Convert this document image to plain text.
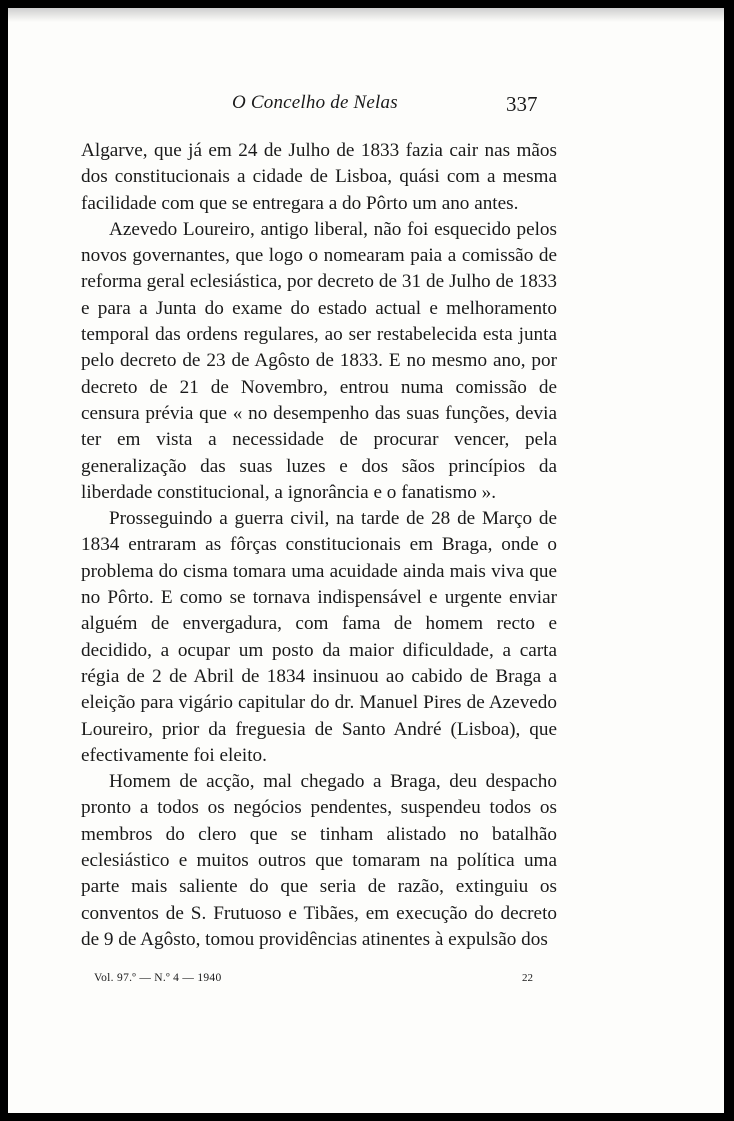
O Concelho de Nelas	337

Algarve, que já em 24 de Julho de 1833 fazia cair nas mãos dos constitucionais a cidade de Lisboa, quási com a mesma facilidade com que se entregara a do Pôrto um ano antes.

Azevedo Loureiro, antigo liberal, não foi esquecido pelos novos governantes, que logo o nomearam paia a comissão de reforma geral eclesiástica, por decreto de 31 de Julho de 1833 e para a Junta do exame do estado actual e melhoramento temporal das ordens regulares, ao ser restabelecida esta junta pelo decreto de 23 de Agôsto de 1833. E no mesmo ano, por decreto de 21 de Novembro, entrou numa comissão de censura prévia que « no desempenho das suas funções, devia ter em vista a necessidade de procurar vencer, pela generalização das suas luzes e dos sãos princípios da liberdade constitucional, a ignorância e o fanatismo ».

Prosseguindo a guerra civil, na tarde de 28 de Março de 1834 entraram as fôrças constitucionais em Braga, onde o problema do cisma tomara uma acuidade ainda mais viva que no Pôrto. E como se tornava indispensável e urgente enviar alguém de envergadura, com fama de homem recto e decidido, a ocupar um posto da maior dificuldade, a carta régia de 2 de Abril de 1834 insinuou ao cabido de Braga a eleição para vigário capitular do dr. Manuel Pires de Azevedo Loureiro, prior da freguesia de Santo André (Lisboa), que efectivamente foi eleito.

Homem de acção, mal chegado a Braga, deu despacho pronto a todos os negócios pendentes, suspendeu todos os membros do clero que se tinham alistado no batalhão eclesiástico e muitos outros que tomaram na política uma parte mais saliente do que seria de razão, extinguiu os conventos de S. Frutuoso e Tibães, em execução do decreto de 9 de Agôsto, tomou providências atinentes à expulsão dos

Vol. 97.º — N.º 4 — 1940	22
